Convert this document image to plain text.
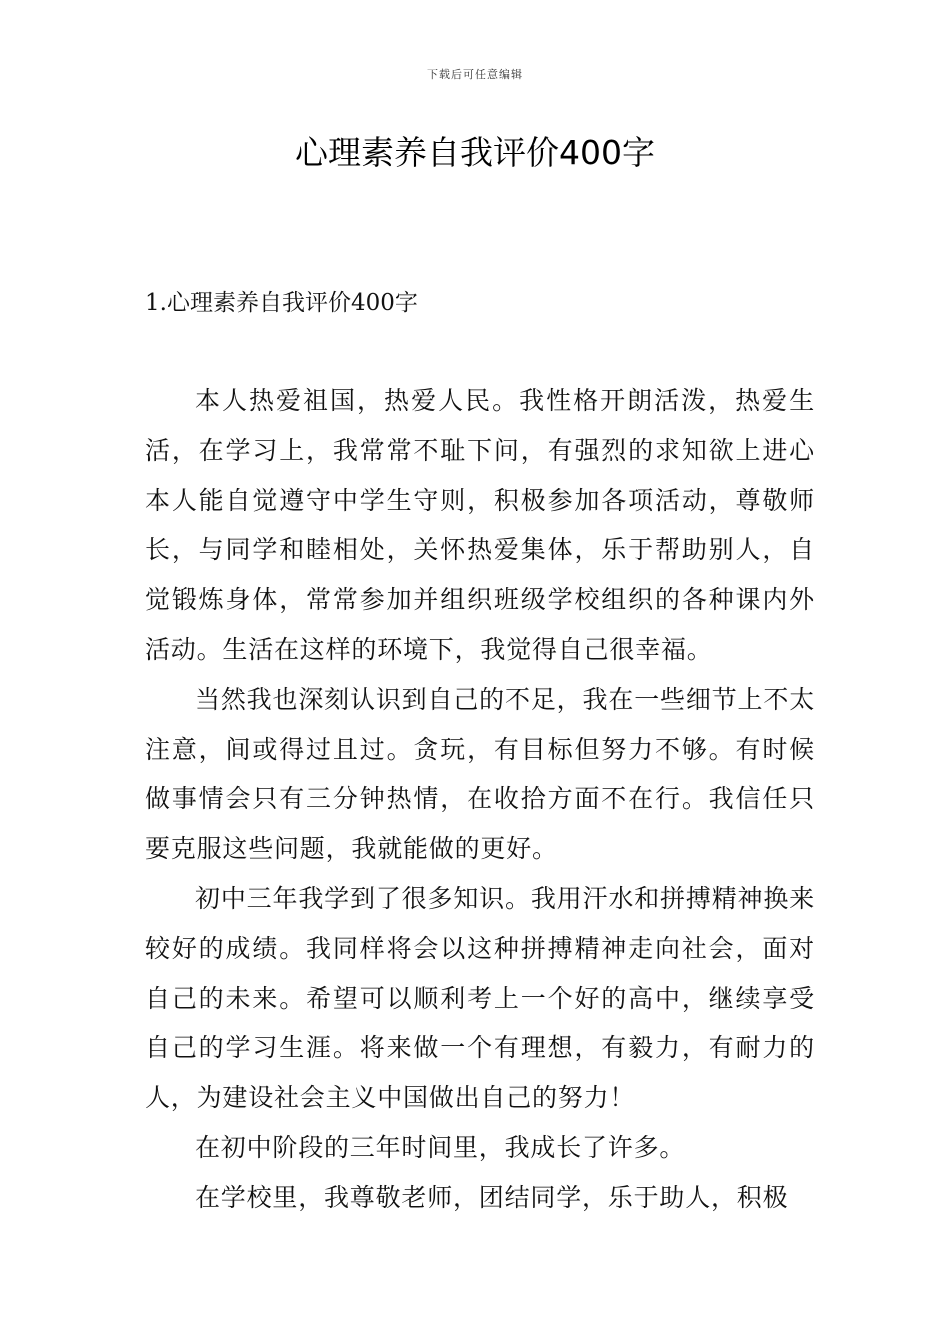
下载后可任意编辑
心理素养自我评价400字
1.心理素养自我评价400字

本人热爱祖国，热爱人民。我性格开朗活泼，热爱生活，在学习上，我常常不耻下问，有强烈的求知欲上进心本人能自觉遵守中学生守则，积极参加各项活动，尊敬师长，与同学和睦相处，关怀热爱集体，乐于帮助别人，自觉锻炼身体，常常参加并组织班级学校组织的各种课内外活动。生活在这样的环境下，我觉得自己很幸福。

当然我也深刻认识到自己的不足，我在一些细节上不太注意，间或得过且过。贪玩，有目标但努力不够。有时候做事情会只有三分钟热情，在收拾方面不在行。我信任只要克服这些问题，我就能做的更好。

初中三年我学到了很多知识。我用汗水和拼搏精神换来较好的成绩。我同样将会以这种拼搏精神走向社会，面对自己的未来。希望可以顺利考上一个好的高中，继续享受自己的学习生涯。将来做一个有理想，有毅力，有耐力的人，为建设社会主义中国做出自己的努力！

在初中阶段的三年时间里，我成长了许多。

在学校里，我尊敬老师，团结同学，乐于助人，积极
